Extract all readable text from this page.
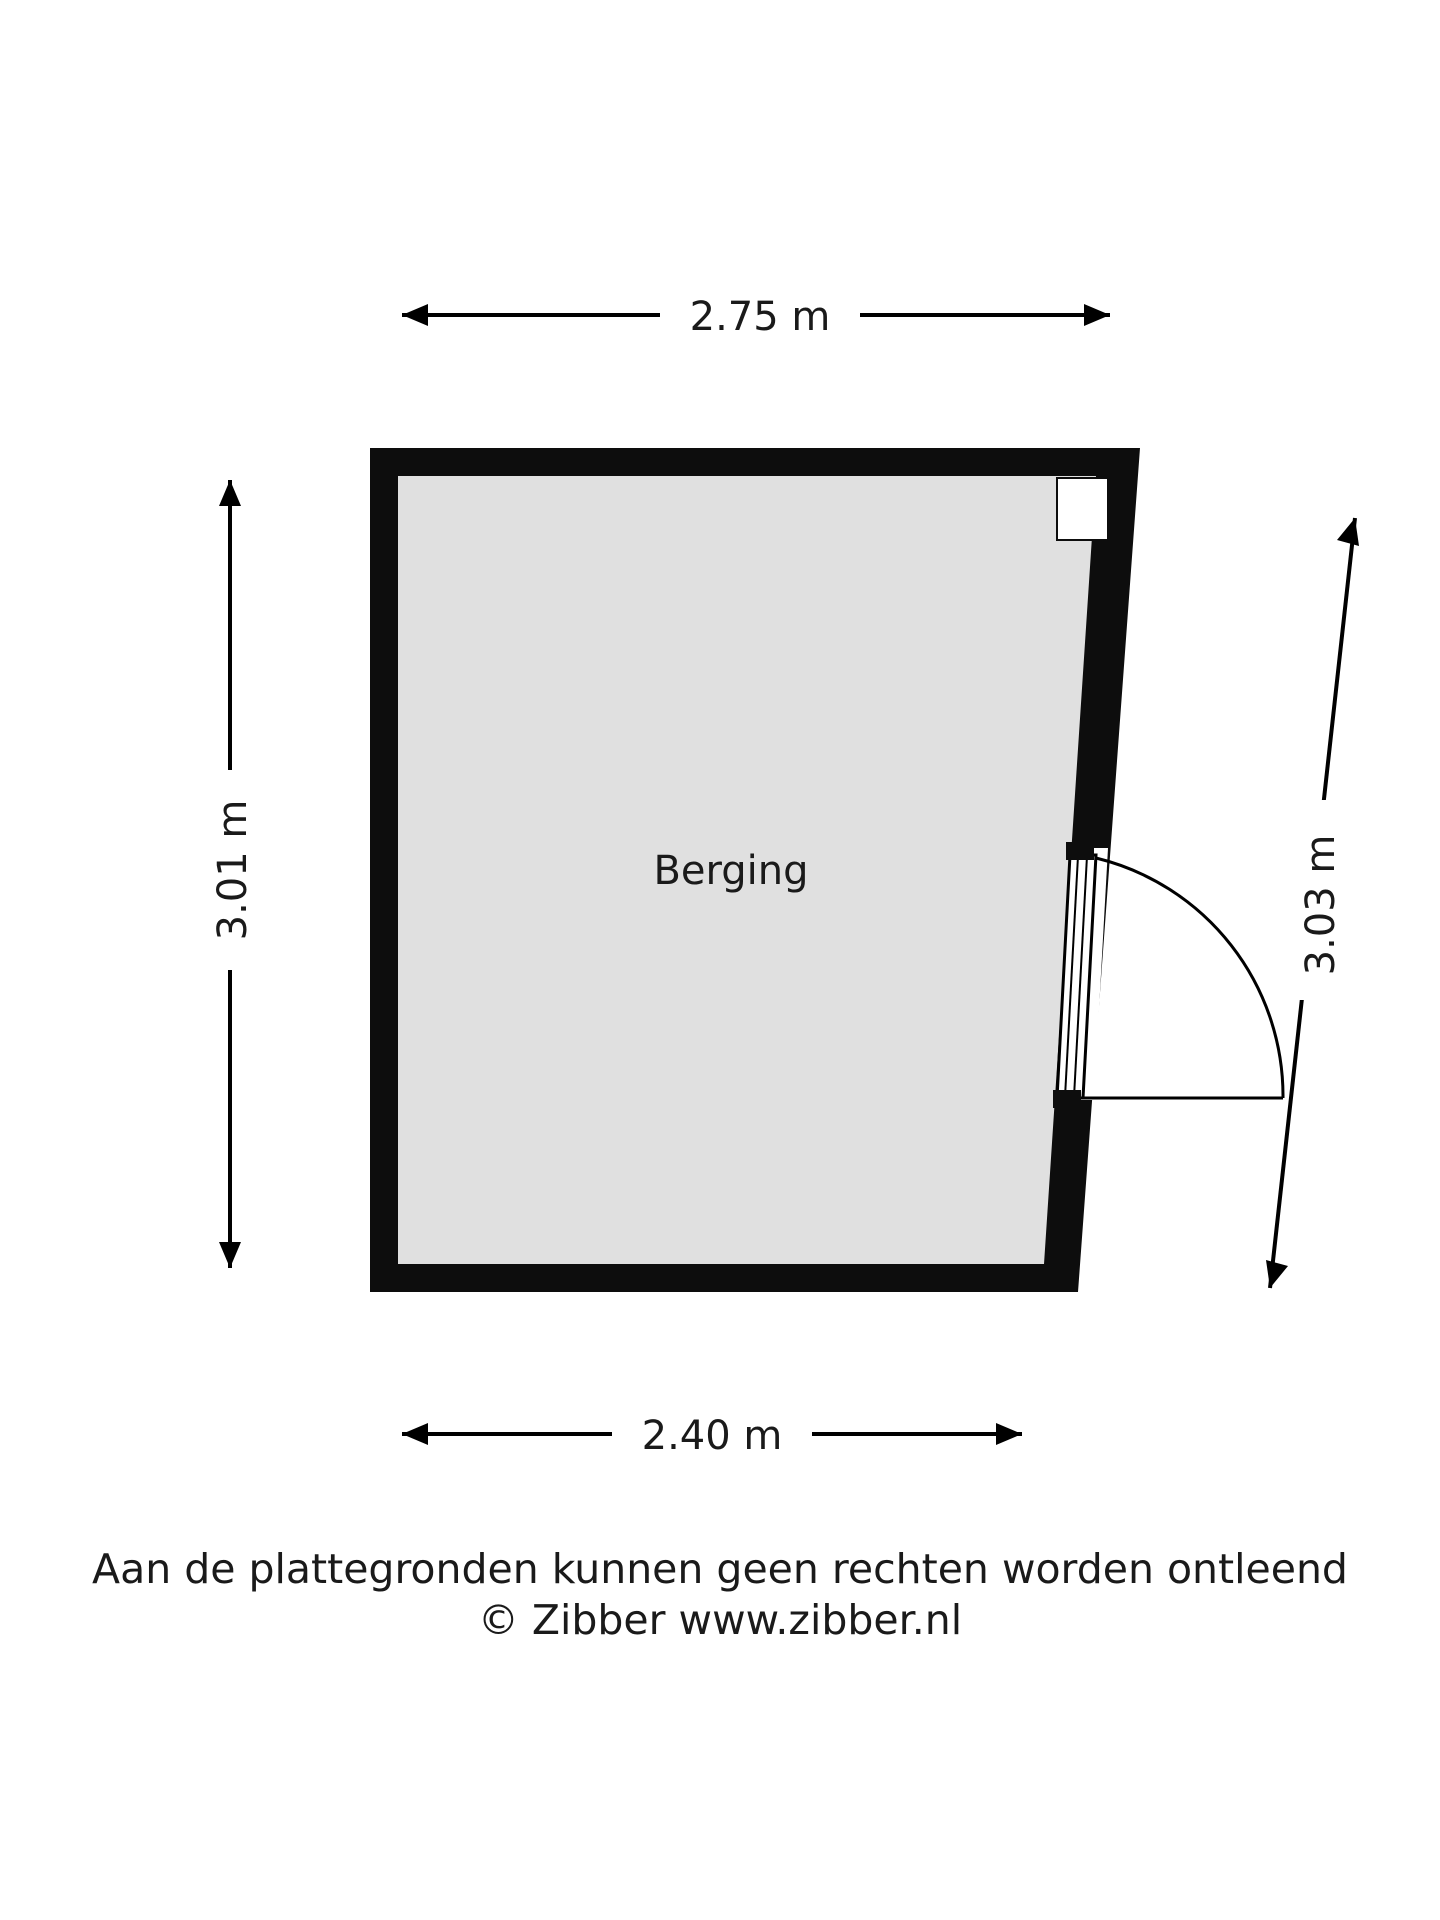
2.75 m
3.01 m	3.03 m
2.40 m
Berging
Aan de plattegronden kunnen geen rechten worden ontleend
© Zibber www.zibber.nl
